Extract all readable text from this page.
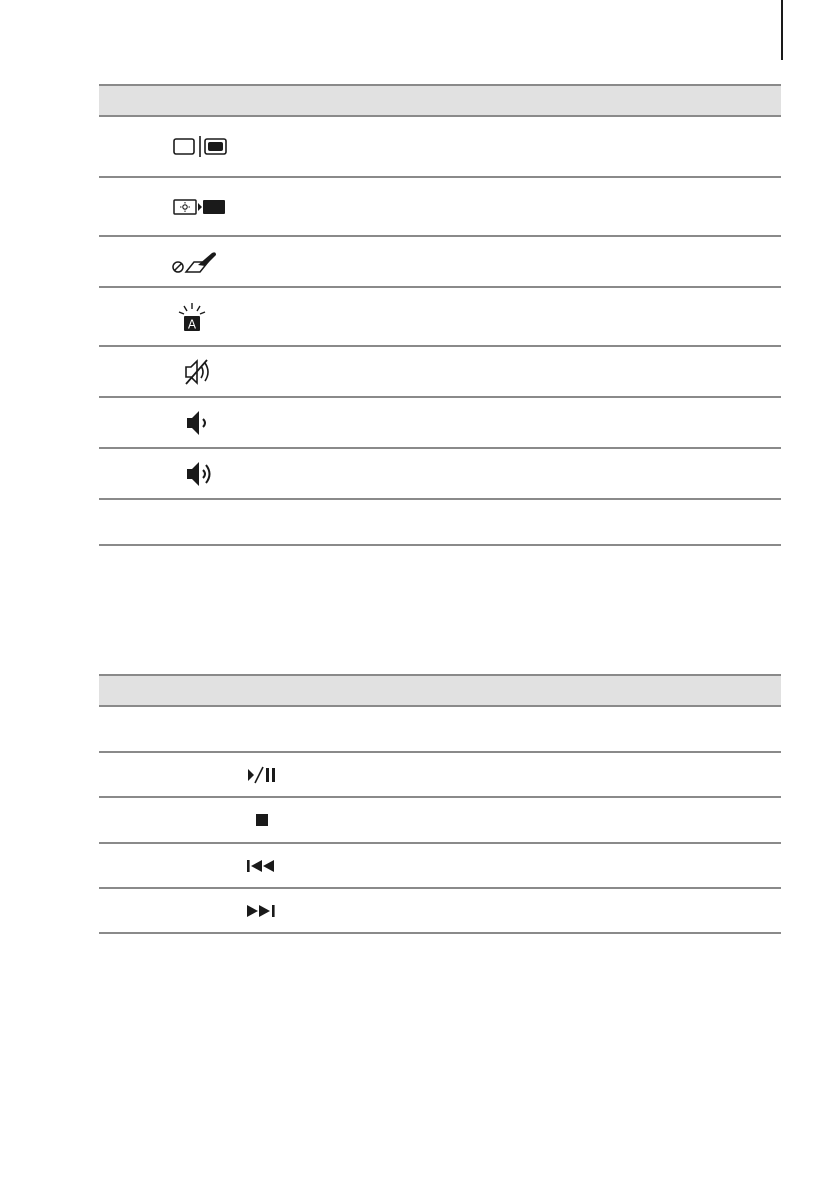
A
